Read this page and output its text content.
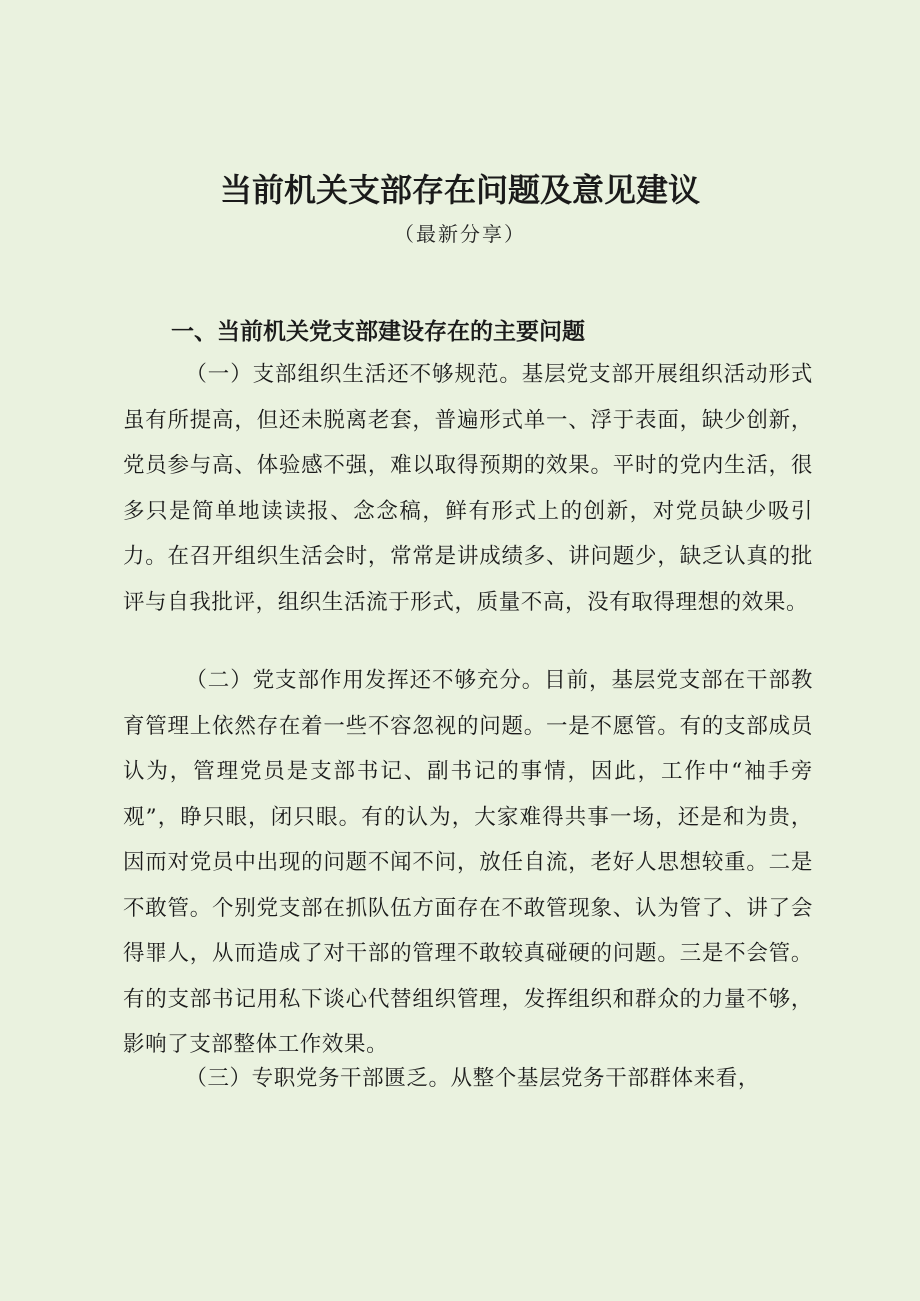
当前机关支部存在问题及意见建议

（最新分享）

一、当前机关党支部建设存在的主要问题

（一）支部组织生活还不够规范。基层党支部开展组织活动形式虽有所提高，但还未脱离老套，普遍形式单一、浮于表面，缺少创新，党员参与高、体验感不强，难以取得预期的效果。平时的党内生活，很多只是简单地读读报、念念稿，鲜有形式上的创新，对党员缺少吸引力。在召开组织生活会时，常常是讲成绩多、讲问题少，缺乏认真的批评与自我批评，组织生活流于形式，质量不高，没有取得理想的效果。

（二）党支部作用发挥还不够充分。目前，基层党支部在干部教育管理上依然存在着一些不容忽视的问题。一是不愿管。有的支部成员认为，管理党员是支部书记、副书记的事情，因此，工作中“袖手旁观”，睁只眼，闭只眼。有的认为，大家难得共事一场，还是和为贵，因而对党员中出现的问题不闻不问，放任自流，老好人思想较重。二是不敢管。个别党支部在抓队伍方面存在不敢管现象、认为管了、讲了会得罪人，从而造成了对干部的管理不敢较真碰硬的问题。三是不会管。有的支部书记用私下谈心代替组织管理，发挥组织和群众的力量不够，影响了支部整体工作效果。

（三）专职党务干部匮乏。从整个基层党务干部群体来看，
